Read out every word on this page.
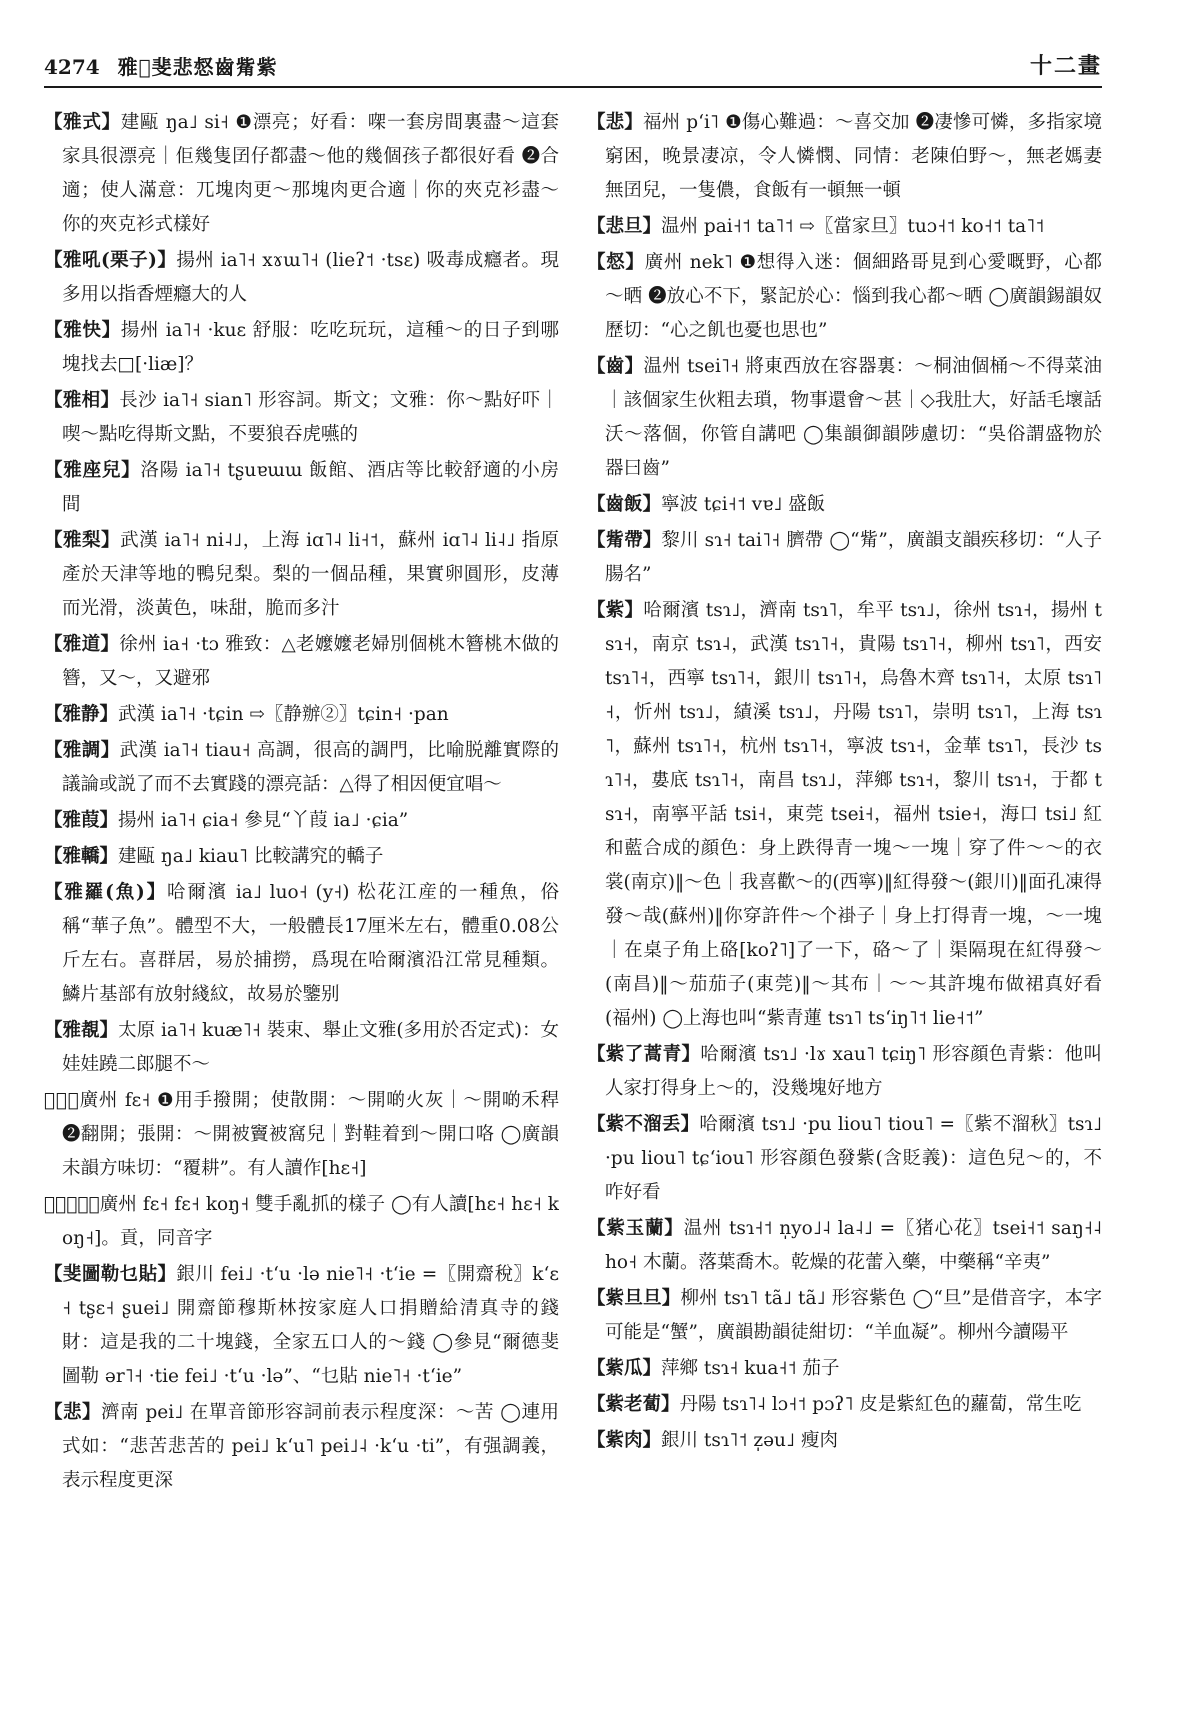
4274 雅𦏀斐悲惄齒觜紫	十二畫

【雅式】建甌 ŋa˩ si˧ ❶漂亮；好看：㗎一套房間裏盡～這套家具很漂亮｜佢幾隻囝仔都盡～他的幾個孩子都很好看 ❷合適；使人滿意：兀塊肉更～那塊肉更合適｜你的夾克衫盡～你的夾克衫式樣好

【雅吼(栗子)】揚州 ia˥˧ xɤɯ˥˧ (lieʔ˦ ·tsɛ) 吸毒成癮者。現多用以指香煙癮大的人

【雅快】揚州 ia˥˧ ·kuɛ 舒服：吃吃玩玩，這種～的日子到哪塊找去□[·liæ]？

【雅相】長沙 ia˥˧ sian˥ 形容詞。斯文；文雅：你～點好吓｜喫～點吃得斯文點，不要狼吞虎嚥的

【雅座兒】洛陽 ia˥˧ tʂuɐɯɯ 飯館、酒店等比較舒適的小房間

【雅梨】武漢 ia˥˧ ni˨˩，上海 iɑ˥˨ li˧˦，蘇州 iɑ˥˨ li˨˩ 指原產於天津等地的鴨兒梨。梨的一個品種，果實卵圓形，皮薄而光滑，淡黃色，味甜，脆而多汁

【雅道】徐州 ia˧ ·tɔ 雅致：△老嬤嬤老婦別個桃木簪桃木做的簪，又～，又避邪

【雅静】武漢 ia˥˧ ·tɕin ⇨〖静辦②〗tɕin˧ ·pan

【雅調】武漢 ia˥˧ tiau˧ 高調，很高的調門，比喻脱離實際的議論或説了而不去實踐的漂亮話：△得了相因便宜唱～

【雅葭】揚州 ia˥˧ ɕia˧ 參見“丫葭 ia˩ ·ɕia”

【雅轎】建甌 ŋa˩ kiau˥ 比較講究的轎子

【雅羅(魚)】哈爾濱 ia˩ luo˧ (y˧) 松花江産的一種魚，俗稱“華子魚”。體型不大，一般體長17厘米左右，體重0.08公斤左右。喜群居，易於捕撈，爲現在哈爾濱沿江常見種類。鱗片基部有放射綫紋，故易於鑒别

【雅覩】太原 ia˥˧ kuæ˥˧ 裝束、舉止文雅(多用於否定式)：女娃娃蹺二郎腿不～

【𦏀】廣州 fɛ˧ ❶用手撥開；使散開：～開啲火灰｜～開啲禾稈 ❷翻開；張開：～開被竇被窩兒｜對鞋着到～開口咯 ◯廣韻未韻方味切：“覆耕”。有人讀作[hɛ˧]

【𦏀𦏀貢】廣州 fɛ˧ fɛ˧ koŋ˧ 雙手亂抓的樣子 ◯有人讀[hɛ˧ hɛ˧ koŋ˧]。貢，同音字

【斐圖勒乜貼】銀川 fei˩ ·tʻu ·lə nie˥˧ ·tʻie =〖開齋稅〗kʻɛ˧ tʂɛ˧ ʂuei˩ 開齋節穆斯林按家庭人口捐贈給清真寺的錢財：這是我的二十塊錢，全家五口人的～錢 ◯參見“爾德斐圖勒 ər˥˧ ·tie fei˩ ·tʻu ·lə”、“乜貼 nie˥˧ ·tʻie”

【悲】濟南 pei˩ 在單音節形容詞前表示程度深：～苦 ◯連用式如：“悲苦悲苦的 pei˩ kʻu˥ pei˩˨ ·kʻu ·ti”，有强調義，表示程度更深

【悲】福州 pʻi˥ ❶傷心難過：～喜交加 ❷凄慘可憐，多指家境窮困，晚景凄凉，令人憐憫、同情：老陳伯野～，無老媽妻無囝兒，一隻儂，食飯有一頓無一頓

【悲旦】温州 pai˧˦ ta˥˦ ⇨〖當家旦〗tuɔ˧˦ ko˧˦ ta˥˦

【惄】廣州 nek˥ ❶想得入迷：個細路哥見到心愛嘅野，心都～晒 ❷放心不下，緊記於心：惱到我心都～晒 ◯廣韻錫韻奴歷切：“心之飢也憂也思也”

【齒】温州 tsei˥˧ 將東西放在容器裏：～桐油個桶～不得菜油｜該個家生伙粗去瑣，物事還會～甚｜◇我肚大，好話毛壞話沃～落個，你管自講吧 ◯集韻御韻陟慮切：“吳俗謂盛物於器曰齒”

【齒飯】寧波 tɕi˧˦ vɐ˩ 盛飯

【觜帶】黎川 sɿ˧ tai˥˧ 臍帶 ◯“觜”，廣韻支韻疾移切：“人子腸名”

【紫】哈爾濱 tsɿ˩，濟南 tsɿ˥，牟平 tsɿ˩，徐州 tsɿ˧，揚州 tsɿ˧，南京 tsɿ˨，武漢 tsɿ˥˧，貴陽 tsɿ˥˧，柳州 tsɿ˥，西安 tsɿ˥˧，西寧 tsɿ˥˧，銀川 tsɿ˥˧，烏魯木齊 tsɿ˥˧，太原 tsɿ˥˧，忻州 tsɿ˩，績溪 tsɿ˩，丹陽 tsɿ˥，崇明 tsɿ˥，上海 tsɿ˥，蘇州 tsɿ˥˧，杭州 tsɿ˥˧，寧波 tsɿ˧，金華 tsɿ˥，長沙 tsɿ˥˧，婁底 tsɿ˥˧，南昌 tsɿ˩，萍鄉 tsɿ˧，黎川 tsɿ˧，于都 tsɿ˧，南寧平話 tsi˧，東莞 tsei˧，福州 tsie˧，海口 tsi˩ 紅和藍合成的顔色：身上跌得青一塊～一塊｜穿了件～～的衣裳(南京)‖～色｜我喜歡～的(西寧)‖紅得發～(銀川)‖面孔凍得發～哉(蘇州)‖你穿許件～个褂子｜身上打得青一塊，～一塊｜在桌子角上硌[koʔ˥]了一下，硌～了｜渠隔現在紅得發～(南昌)‖～茄茄子(東莞)‖～其布｜～～其許塊布做裙真好看(福州) ◯上海也叫“紫青蓮 tsɿ˥ tsʻiŋ˥˦ lie˧˦”

【紫了蒿青】哈爾濱 tsɿ˩ ·lɤ xau˥ tɕiŋ˥ 形容顔色青紫：他叫人家打得身上～的，没幾塊好地方

【紫不溜丢】哈爾濱 tsɿ˩ ·pu liou˥ tiou˥ =〖紫不溜秋〗tsɿ˩ ·pu liou˥ tɕʻiou˥ 形容顔色發紫(含貶義)：這色兒～的，不咋好看

【紫玉蘭】温州 tsɿ˧˦ n̩yo˩˨ la˨˩ =〖猪心花〗tsei˧˦ saŋ˧˨ ho˧ 木蘭。落葉喬木。乾燥的花蕾入藥，中藥稱“辛夷”

【紫旦旦】柳州 tsɿ˥ tã˩ tã˩ 形容紫色 ◯“旦”是借音字，本字可能是“蟹”，廣韻勘韻徒紺切：“羊血凝”。柳州今讀陽平

【紫瓜】萍鄉 tsɿ˧ kua˧˦ 茄子

【紫老蔔】丹陽 tsɿ˥˨ lɔ˧˦ pɔʔ˥ 皮是紫紅色的蘿蔔，常生吃

【紫肉】銀川 tsɿ˥˦ z̩əu˩ 瘦肉
